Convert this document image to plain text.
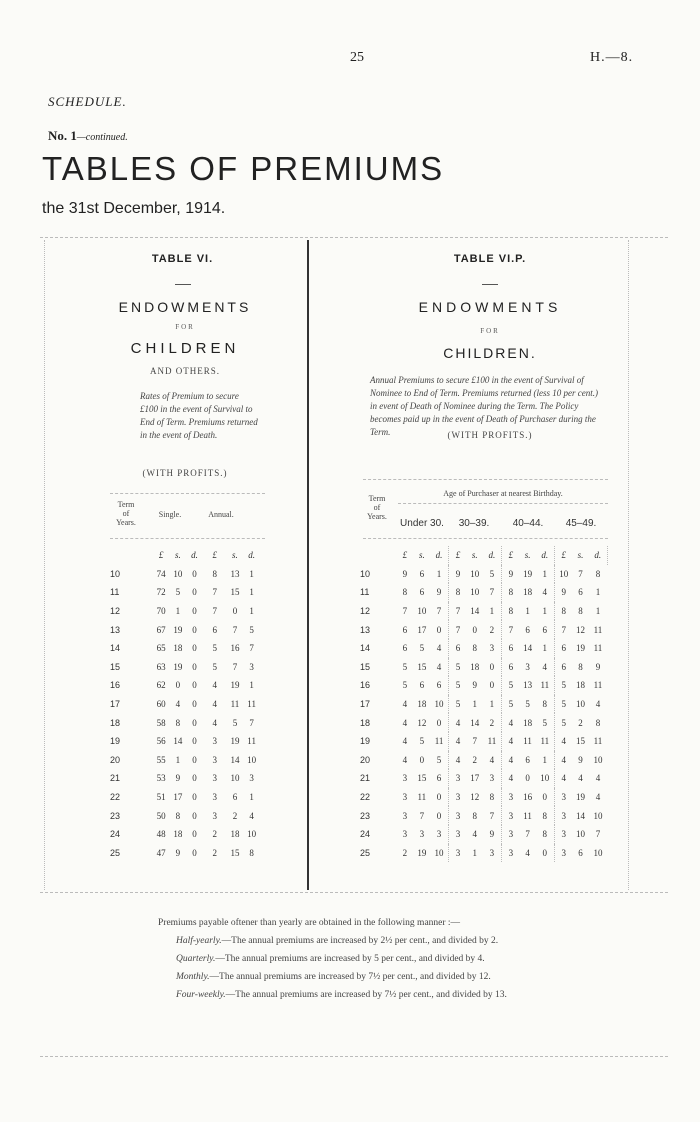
25	H.—8.
SCHEDULE.
No. 1—continued.
TABLES OF PREMIUMS
the 31st December, 1914.
TABLE VI.
ENDOWMENTS
FOR
CHILDREN
AND OTHERS.
Rates of Premium to secure £100 in the event of Survival to End of Term. Premiums returned in the event of Death.
(WITH PROFITS.)
Term
of
Years.
Single.	Annual.
	£	s.	d.	£	s.	d.
10	74	10	0	8	13	1
11	72	5	0	7	15	1
12	70	1	0	7	0	1
13	67	19	0	6	7	5
14	65	18	0	5	16	7
15	63	19	0	5	7	3
16	62	0	0	4	19	1
17	60	4	0	4	11	11
18	58	8	0	4	5	7
19	56	14	0	3	19	11
20	55	1	0	3	14	10
21	53	9	0	3	10	3
22	51	17	0	3	6	1
23	50	8	0	3	2	4
24	48	18	0	2	18	10
25	47	9	0	2	15	8
TABLE VI.P.
ENDOWMENTS
FOR
CHILDREN.
Annual Premiums to secure £100 in the event of Survival of Nominee to End of Term. Premiums returned (less 10 per cent.) in event of Death of Nominee during the Term. The Policy becomes paid up in the event of Death of Purchaser during the Term.	(WITH PROFITS.)
Term
of
Years.
Age of Purchaser at nearest Birthday.
Under 30.	30–39.	40–44.	45–49.
	£	s.	d.	£	s.	d.	£	s.	d.	£	s.	d.
10	9	6	1	9	10	5	9	19	1	10	7	8
11	8	6	9	8	10	7	8	18	4	9	6	1
12	7	10	7	7	14	1	8	1	1	8	8	1
13	6	17	0	7	0	2	7	6	6	7	12	11
14	6	5	4	6	8	3	6	14	1	6	19	11
15	5	15	4	5	18	0	6	3	4	6	8	9
16	5	6	6	5	9	0	5	13	11	5	18	11
17	4	18	10	5	1	1	5	5	8	5	10	4
18	4	12	0	4	14	2	4	18	5	5	2	8
19	4	5	11	4	7	11	4	11	11	4	15	11
20	4	0	5	4	2	4	4	6	1	4	9	10
21	3	15	6	3	17	3	4	0	10	4	4	4
22	3	11	0	3	12	8	3	16	0	3	19	4
23	3	7	0	3	8	7	3	11	8	3	14	10
24	3	3	3	3	4	9	3	7	8	3	10	7
25	2	19	10	3	1	3	3	4	0	3	6	10
Premiums payable oftener than yearly are obtained in the following manner :—
Half-yearly.—The annual premiums are increased by 2½ per cent., and divided by 2.
Quarterly.—The annual premiums are increased by 5 per cent., and divided by 4.
Monthly.—The annual premiums are increased by 7½ per cent., and divided by 12.
Four-weekly.—The annual premiums are increased by 7½ per cent., and divided by 13.
